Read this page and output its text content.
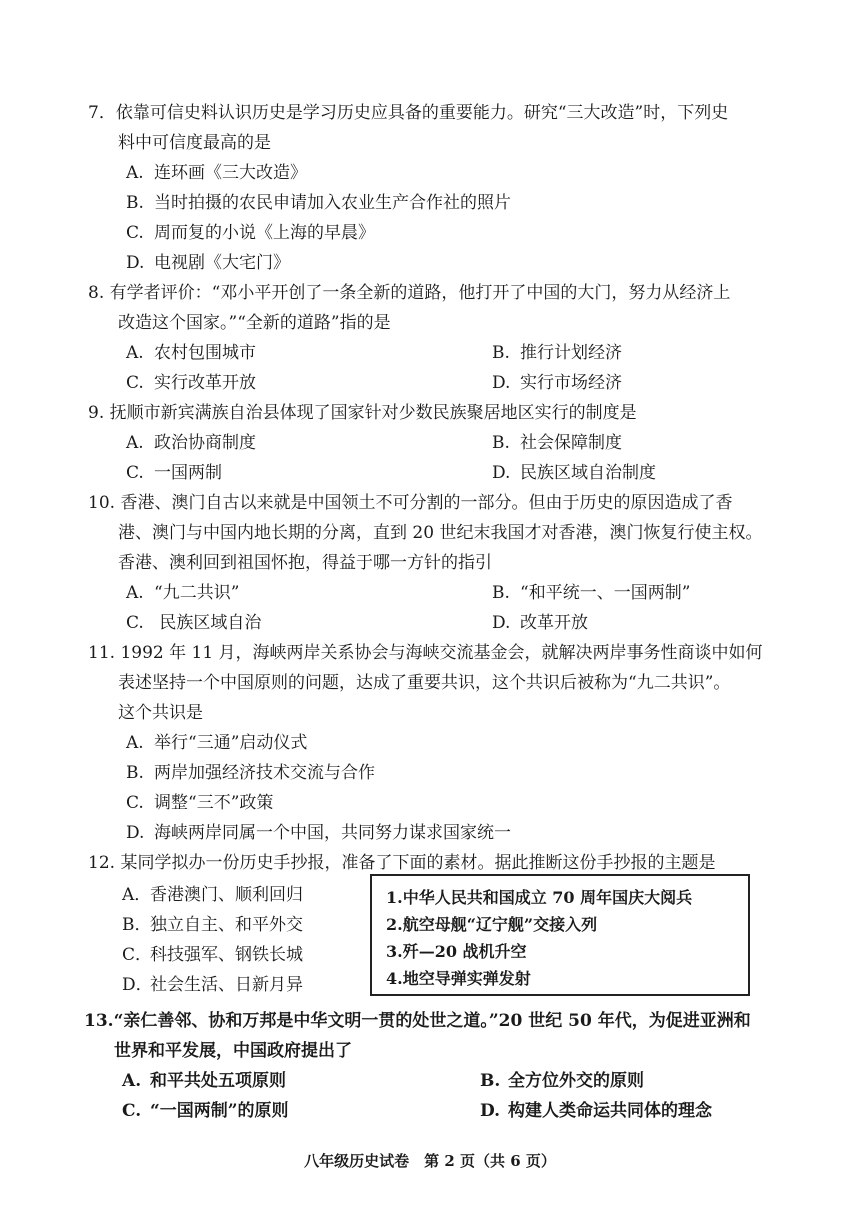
7．依靠可信史料认识历史是学习历史应具备的重要能力。研究“三大改造”时，下列史
料中可信度最高的是
A. 连环画《三大改造》
B. 当时拍摄的农民申请加入农业生产合作社的照片
C. 周而复的小说《上海的早晨》
D. 电视剧《大宅门》
8. 有学者评价：“邓小平开创了一条全新的道路，他打开了中国的大门，努力从经济上
改造这个国家。”“全新的道路”指的是
A. 农村包围城市	B. 推行计划经济
C. 实行改革开放	D. 实行市场经济
9. 抚顺市新宾满族自治县体现了国家针对少数民族聚居地区实行的制度是
A. 政治协商制度	B. 社会保障制度
C. 一国两制	D. 民族区域自治制度
10. 香港、澳门自古以来就是中国领土不可分割的一部分。但由于历史的原因造成了香
港、澳门与中国内地长期的分离，直到 20 世纪末我国才对香港，澳门恢复行使主权。
香港、澳利回到祖国怀抱，得益于哪一方针的指引
A. “九二共识”	B. “和平统一、一国两制”
C. 民族区域自治	D. 改革开放
11. 1992 年 11 月，海峡两岸关系协会与海峡交流基金会，就解决两岸事务性商谈中如何
表述坚持一个中国原则的问题，达成了重要共识，这个共识后被称为“九二共识”。
这个共识是
A. 举行“三通”启动仪式
B. 两岸加强经济技术交流与合作
C. 调整“三不”政策
D. 海峡两岸同属一个中国，共同努力谋求国家统一
12. 某同学拟办一份历史手抄报，准备了下面的素材。据此推断这份手抄报的主题是
A．香港澳门、顺利回归
B．独立自主、和平外交
C．科技强军、钢铁长城
D．社会生活、日新月异
1.中华人民共和国成立 70 周年国庆大阅兵
2.航空母舰“辽宁舰”交接入列
3.歼—20 战机升空
4.地空导弹实弹发射
13.“亲仁善邻、协和万邦是中华文明一贯的处世之道。”20 世纪 50 年代，为促进亚洲和
世界和平发展，中国政府提出了
A. 和平共处五项原则	B. 全方位外交的原则
C. “一国两制”的原则	D. 构建人类命运共同体的理念
八年级历史试卷　第 2 页（共 6 页）
